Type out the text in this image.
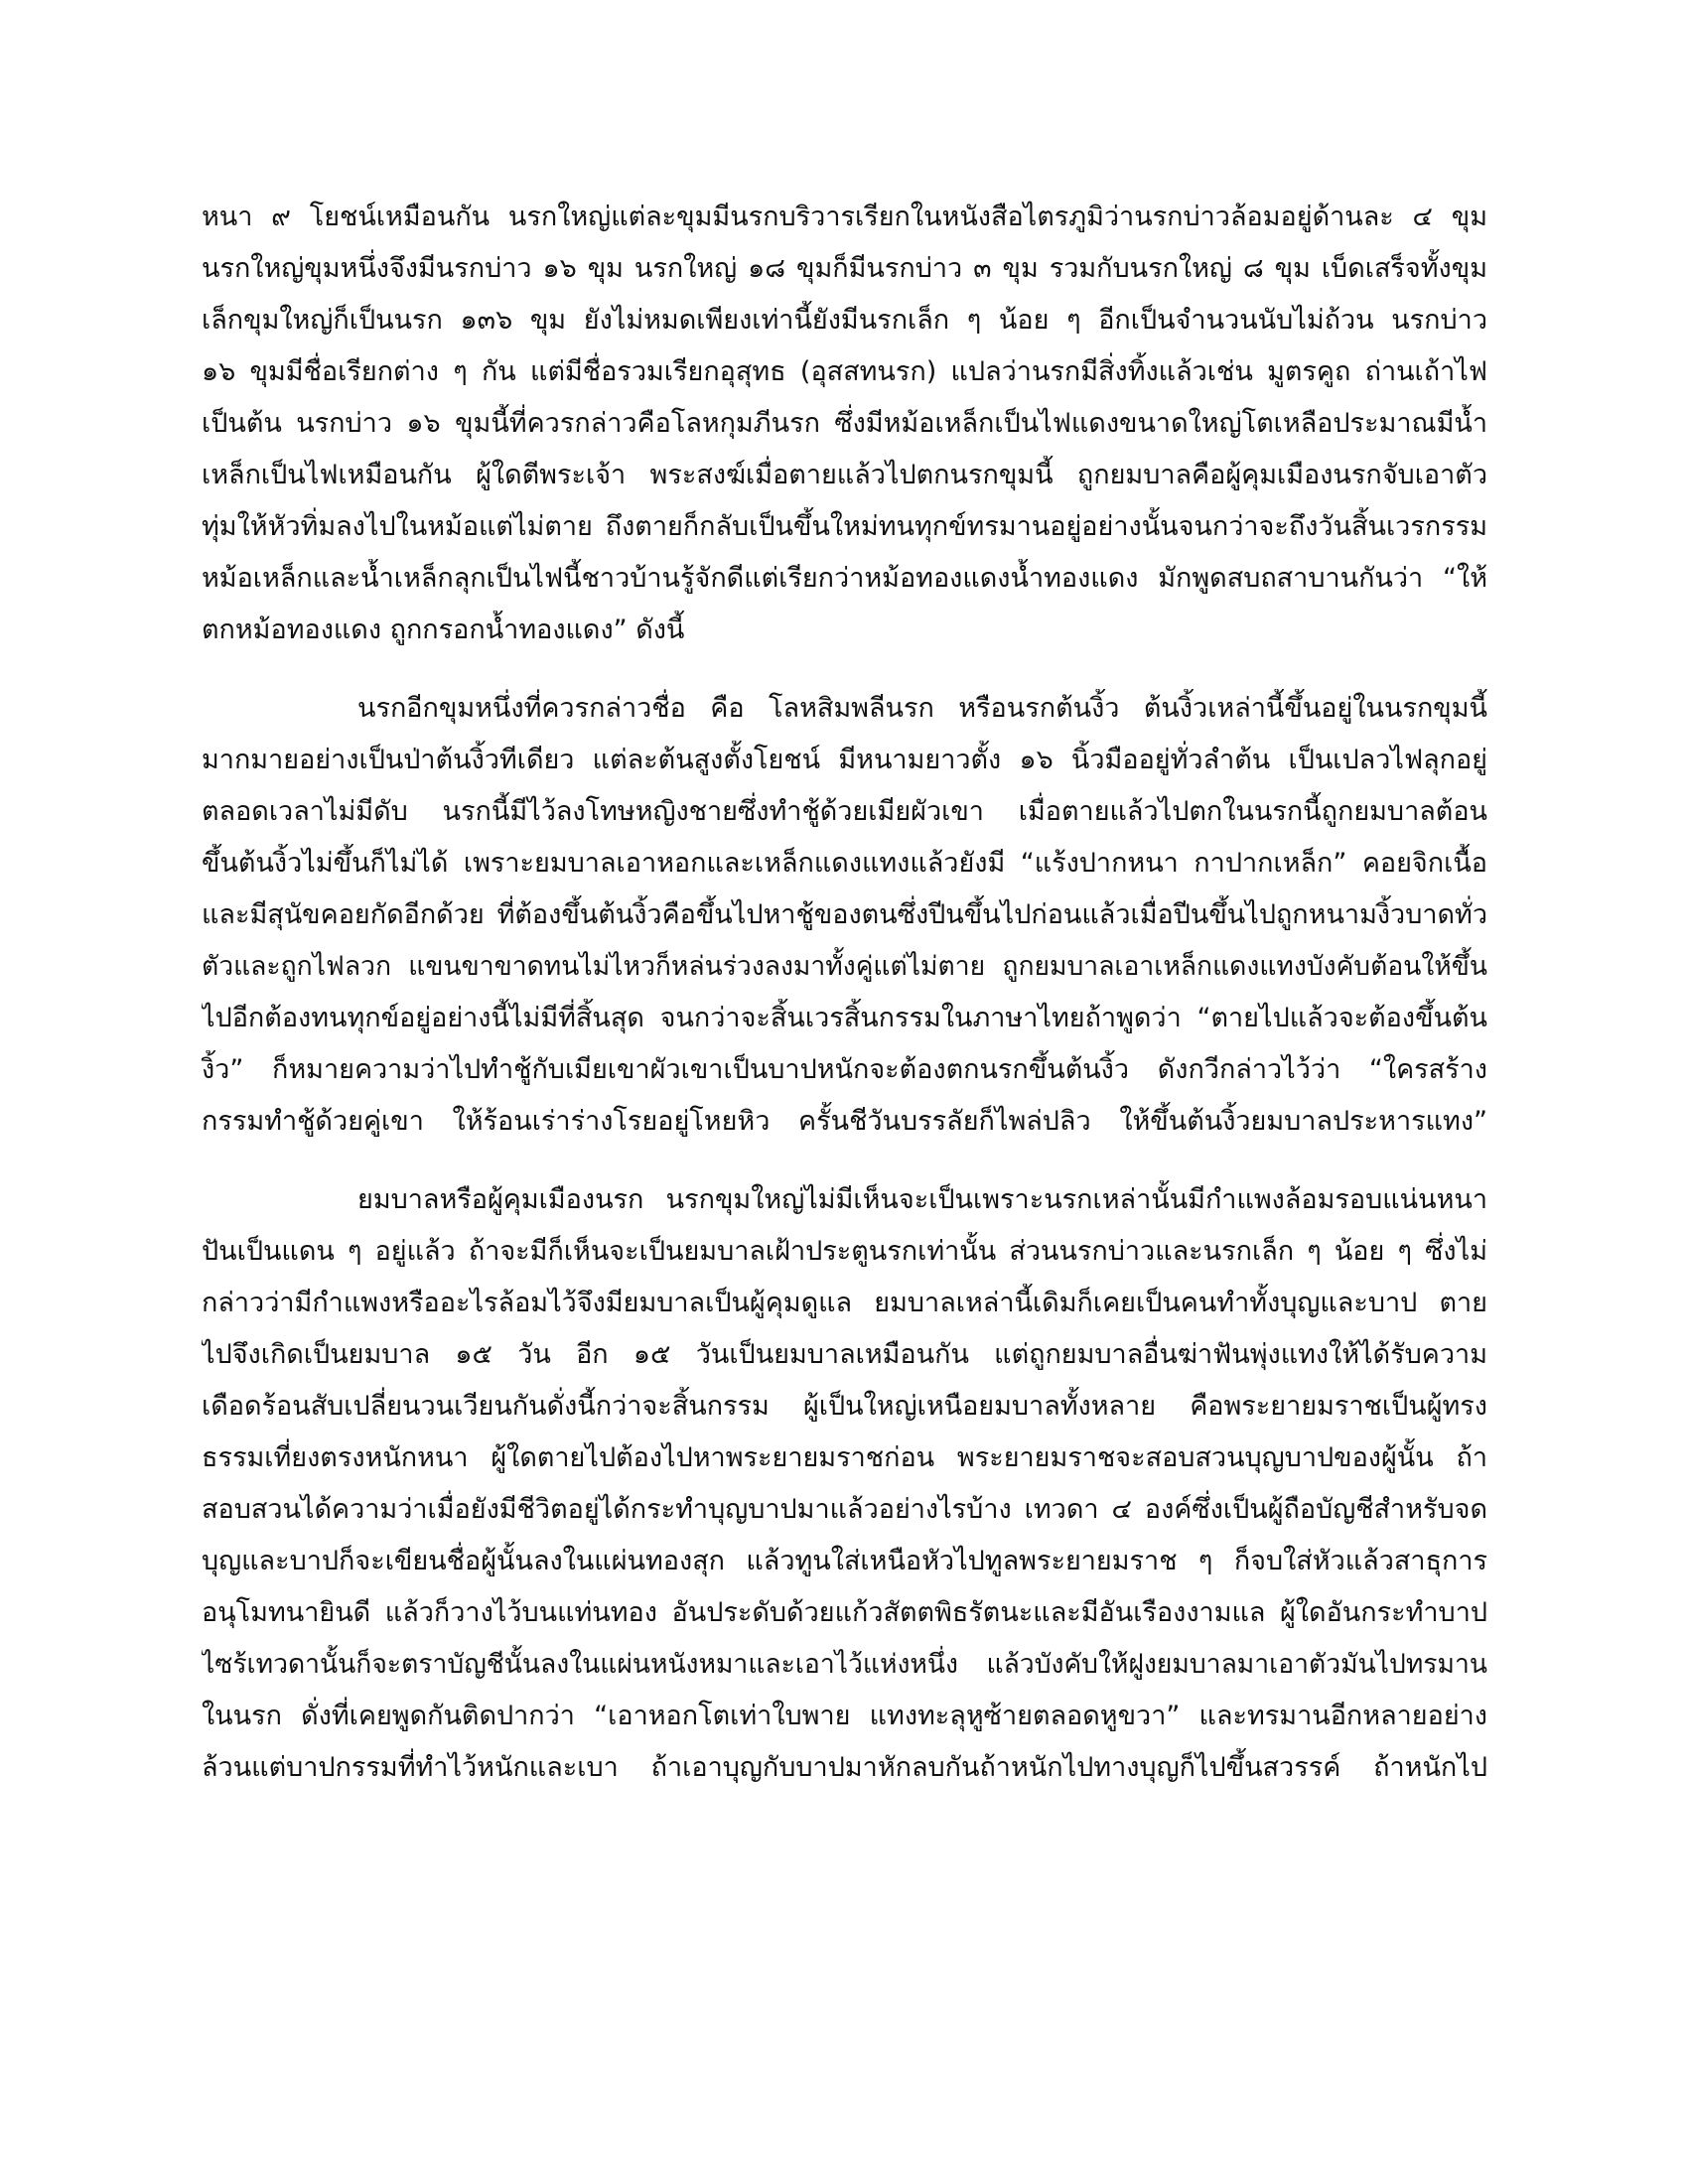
หนา ๙ โยชน์เหมือนกัน นรกใหญ่แต่ละขุมมีนรกบริวารเรียกในหนังสือไตรภูมิว่านรกบ่าวล้อมอยู่ด้านละ ๔ ขุม
นรกใหญ่ขุมหนึ่งจึงมีนรกบ่าว ๑๖ ขุม นรกใหญ่ ๑๘ ขุมก็มีนรกบ่าว ๓ ขุม รวมกับนรกใหญ่ ๘ ขุม เบ็ดเสร็จทั้งขุม
เล็กขุมใหญ่ก็เป็นนรก ๑๓๖ ขุม ยังไม่หมดเพียงเท่านี้ยังมีนรกเล็ก ๆ น้อย ๆ อีกเป็นจำนวนนับไม่ถ้วน นรกบ่าว
๑๖ ขุมมีชื่อเรียกต่าง ๆ กัน แต่มีชื่อรวมเรียกอุสุทธ (อุสสทนรก) แปลว่านรกมีสิ่งทิ้งแล้วเช่น มูตรคูถ ถ่านเถ้าไฟ
เป็นต้น นรกบ่าว ๑๖ ขุมนี้ที่ควรกล่าวคือโลหกุมภีนรก ซึ่งมีหม้อเหล็กเป็นไฟแดงขนาดใหญ่โตเหลือประมาณมีน้ำ
เหล็กเป็นไฟเหมือนกัน ผู้ใดตีพระเจ้า พระสงฆ์เมื่อตายแล้วไปตกนรกขุมนี้ ถูกยมบาลคือผู้คุมเมืองนรกจับเอาตัว
ทุ่มให้หัวทิ่มลงไปในหม้อแต่ไม่ตาย ถึงตายก็กลับเป็นขึ้นใหม่ทนทุกข์ทรมานอยู่อย่างนั้นจนกว่าจะถึงวันสิ้นเวรกรรม
หม้อเหล็กและน้ำเหล็กลุกเป็นไฟนี้ชาวบ้านรู้จักดีแต่เรียกว่าหม้อทองแดงน้ำทองแดง มักพูดสบถสาบานกันว่า “ให้
ตกหม้อทองแดง ถูกกรอกน้ำทองแดง” ดังนี้
นรกอีกขุมหนึ่งที่ควรกล่าวชื่อ คือ โลหสิมพลีนรก หรือนรกต้นงิ้ว ต้นงิ้วเหล่านี้ขึ้นอยู่ในนรกขุมนี้
มากมายอย่างเป็นป่าต้นงิ้วทีเดียว แต่ละต้นสูงตั้งโยชน์ มีหนามยาวตั้ง ๑๖ นิ้วมืออยู่ทั่วลำต้น เป็นเปลวไฟลุกอยู่
ตลอดเวลาไม่มีดับ นรกนี้มีไว้ลงโทษหญิงชายซึ่งทำชู้ด้วยเมียผัวเขา เมื่อตายแล้วไปตกในนรกนี้ถูกยมบาลต้อน
ขึ้นต้นงิ้วไม่ขึ้นก็ไม่ได้ เพราะยมบาลเอาหอกและเหล็กแดงแทงแล้วยังมี “แร้งปากหนา กาปากเหล็ก” คอยจิกเนื้อ
และมีสุนัขคอยกัดอีกด้วย ที่ต้องขึ้นต้นงิ้วคือขึ้นไปหาชู้ของตนซึ่งปีนขึ้นไปก่อนแล้วเมื่อปีนขึ้นไปถูกหนามงิ้วบาดทั่ว
ตัวและถูกไฟลวก แขนขาขาดทนไม่ไหวก็หล่นร่วงลงมาทั้งคู่แต่ไม่ตาย ถูกยมบาลเอาเหล็กแดงแทงบังคับต้อนให้ขึ้น
ไปอีกต้องทนทุกข์อยู่อย่างนี้ไม่มีที่สิ้นสุด จนกว่าจะสิ้นเวรสิ้นกรรมในภาษาไทยถ้าพูดว่า “ตายไปแล้วจะต้องขึ้นต้น
งิ้ว” ก็หมายความว่าไปทำชู้กับเมียเขาผัวเขาเป็นบาปหนักจะต้องตกนรกขึ้นต้นงิ้ว ดังกวีกล่าวไว้ว่า “ใครสร้าง
กรรมทำชู้ด้วยคู่เขา ให้ร้อนเร่าร่างโรยอยู่โหยหิว ครั้นชีวันบรรลัยก็ไพล่ปลิว ให้ขึ้นต้นงิ้วยมบาลประหารแทง”
ยมบาลหรือผู้คุมเมืองนรก นรกขุมใหญ่ไม่มีเห็นจะเป็นเพราะนรกเหล่านั้นมีกำแพงล้อมรอบแน่นหนา
ปันเป็นแดน ๆ อยู่แล้ว ถ้าจะมีก็เห็นจะเป็นยมบาลเฝ้าประตูนรกเท่านั้น ส่วนนรกบ่าวและนรกเล็ก ๆ น้อย ๆ ซึ่งไม่
กล่าวว่ามีกำแพงหรืออะไรล้อมไว้จึงมียมบาลเป็นผู้คุมดูแล ยมบาลเหล่านี้เดิมก็เคยเป็นคนทำทั้งบุญและบาป ตาย
ไปจึงเกิดเป็นยมบาล ๑๕ วัน อีก ๑๕ วันเป็นยมบาลเหมือนกัน แต่ถูกยมบาลอื่นฆ่าฟันพุ่งแทงให้ได้รับความ
เดือดร้อนสับเปลี่ยนวนเวียนกันดั่งนี้กว่าจะสิ้นกรรม ผู้เป็นใหญ่เหนือยมบาลทั้งหลาย คือพระยายมราชเป็นผู้ทรง
ธรรมเที่ยงตรงหนักหนา ผู้ใดตายไปต้องไปหาพระยายมราชก่อน พระยายมราชจะสอบสวนบุญบาปของผู้นั้น ถ้า
สอบสวนได้ความว่าเมื่อยังมีชีวิตอยู่ได้กระทำบุญบาปมาแล้วอย่างไรบ้าง เทวดา ๔ องค์ซึ่งเป็นผู้ถือบัญชีสำหรับจด
บุญและบาปก็จะเขียนชื่อผู้นั้นลงในแผ่นทองสุก แล้วทูนใส่เหนือหัวไปทูลพระยายมราช ๆ ก็จบใส่หัวแล้วสาธุการ
อนุโมทนายินดี แล้วก็วางไว้บนแท่นทอง อันประดับด้วยแก้วสัตตพิธรัตนะและมีอันเรืองงามแล ผู้ใดอันกระทำบาป
ไซร้เทวดานั้นก็จะตราบัญชีนั้นลงในแผ่นหนังหมาและเอาไว้แห่งหนึ่ง แล้วบังคับให้ฝูงยมบาลมาเอาตัวมันไปทรมาน
ในนรก ดั่งที่เคยพูดกันติดปากว่า “เอาหอกโตเท่าใบพาย แทงทะลุหูซ้ายตลอดหูขวา” และทรมานอีกหลายอย่าง
ล้วนแต่บาปกรรมที่ทำไว้หนักและเบา ถ้าเอาบุญกับบาปมาหักลบกันถ้าหนักไปทางบุญก็ไปขึ้นสวรรค์ ถ้าหนักไป
